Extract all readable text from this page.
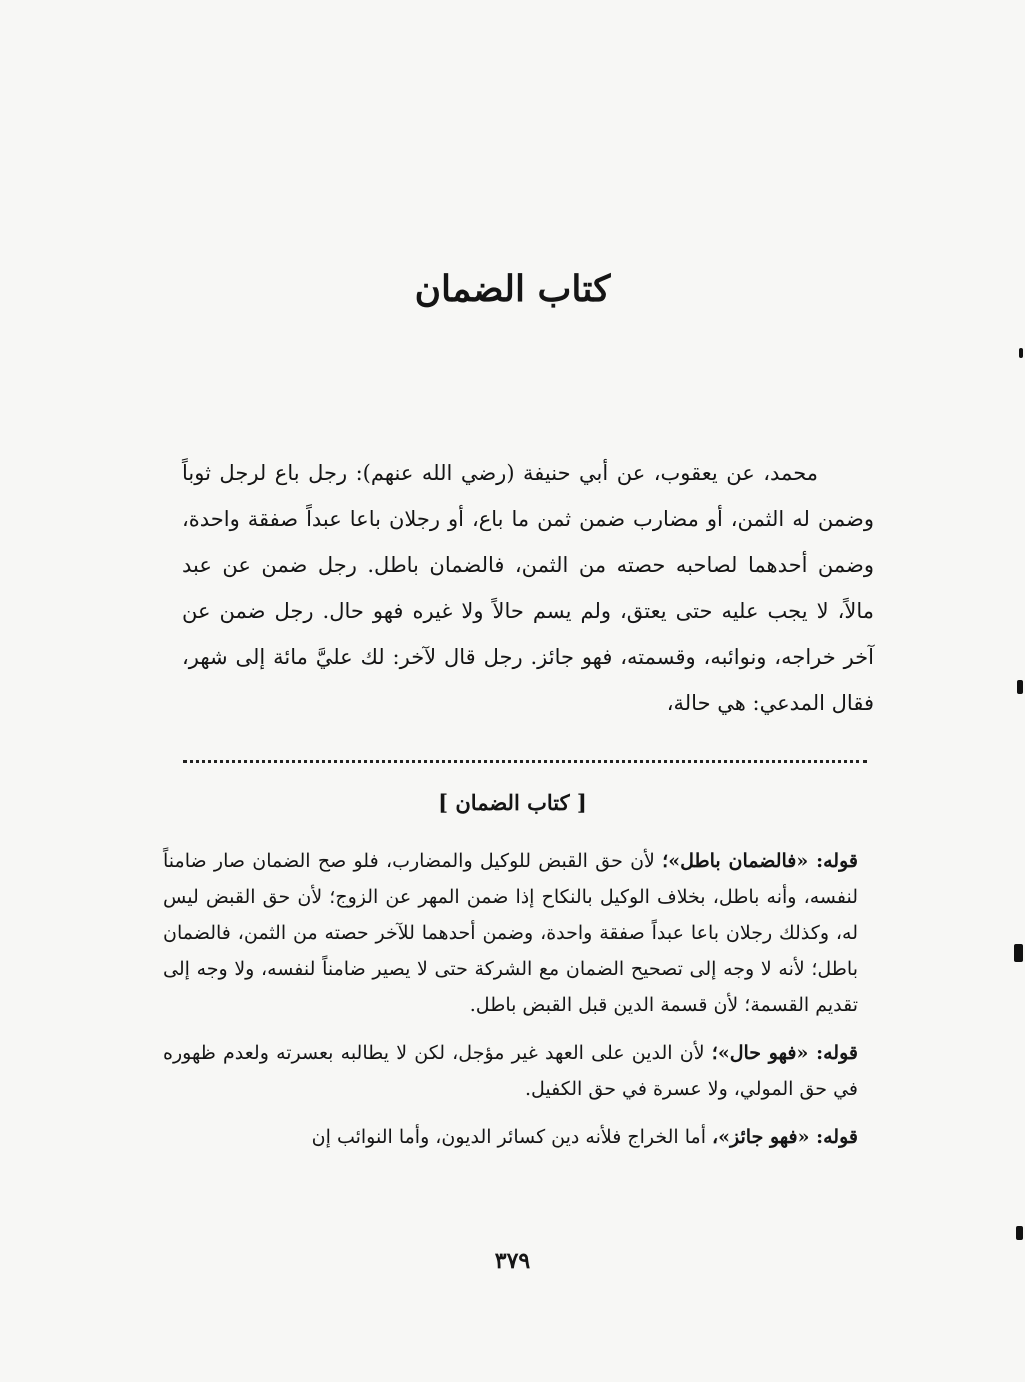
كتاب الضمان

محمد، عن يعقوب، عن أبي حنيفة (رضي الله عنهم): رجل باع لرجل ثوباً وضمن له الثمن، أو مضارب ضمن ثمن ما باع، أو رجلان باعا عبداً صفقة واحدة، وضمن أحدهما لصاحبه حصته من الثمن، فالضمان باطل. رجل ضمن عن عبد مالاً، لا يجب عليه حتى يعتق، ولم يسم حالاً ولا غيره فهو حال. رجل ضمن عن آخر خراجه، ونوائبه، وقسمته، فهو جائز. رجل قال لآخر: لك عليَّ مائة إلى شهر، فقال المدعي: هي حالة،

[ كتاب الضمان ]

قوله: «فالضمان باطل»؛ لأن حق القبض للوكيل والمضارب، فلو صح الضمان صار ضامناً لنفسه، وأنه باطل، بخلاف الوكيل بالنكاح إذا ضمن المهر عن الزوج؛ لأن حق القبض ليس له، وكذلك رجلان باعا عبداً صفقة واحدة، وضمن أحدهما للآخر حصته من الثمن، فالضمان باطل؛ لأنه لا وجه إلى تصحيح الضمان مع الشركة حتى لا يصير ضامناً لنفسه، ولا وجه إلى تقديم القسمة؛ لأن قسمة الدين قبل القبض باطل.

قوله: «فهو حال»؛ لأن الدين على العهد غير مؤجل، لكن لا يطالبه بعسرته ولعدم ظهوره في حق المولي، ولا عسرة في حق الكفيل.

قوله: «فهو جائز»، أما الخراج فلأنه دين كسائر الديون، وأما النوائب إن

٣٧٩
